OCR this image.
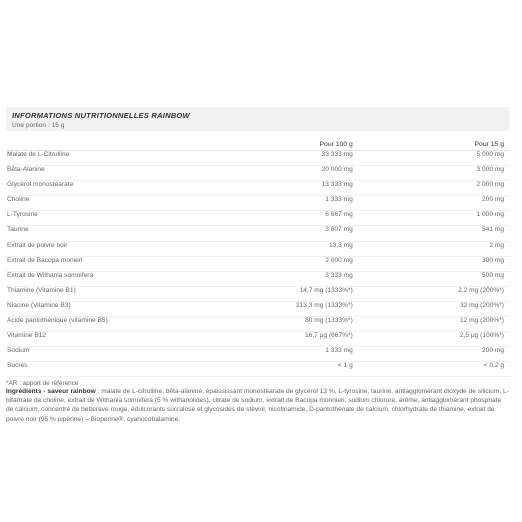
INFORMATIONS NUTRITIONNELLES RAINBOW
Une portion : 15 g
	Pour 100 g	Pour 15 g
Malate de L-Citrulline	33 333 mg	5 000 mg
Bêta-Alanine	20 000 mg	3 000 mg
Glycérol monostéarate	13 333 mg	2 000 mg
Choline	1 333 mg	200 mg
L-Tyrosine	6 667 mg	1 000 mg
Taurine	3 607 mg	541 mg
Extrait de poivre noir	13,3 mg	2 mg
Extrait de Bacopa monieri	2 000 mg	300 mg
Extrait de Withania somnifera	3 333 mg	500 mg
Thiamine (Vitamine B1)	14,7 mg (1333%*)	2,2 mg (200%*)
Niacine (Vitamine B3)	213,3 mg (1333%*)	32 mg (200%*)
Acide pantothénique (vitamine B5)	80 mg (1333%*)	12 mg (200%*)
Vitamine B12	16,7 µg (667%*)	2,5 µg (100%*)
Sodium	1 333 mg	200 mg
Sucres	< 1 g	< 0,2 g
*AR : apport de référence
Ingrédients - saveur rainbow : malate de L-citrulline, bêta-alanine, épaississant monostéarate de glycérol 13 %, L-tyrosine, taurine, antiagglomérant dioxyde de silicium, L-bitartrate de choline, extrait de Withania somnifera (5 % withanolides), citrate de sodium, extrait de Bacopa monnieri, sodium chlorure, arôme, antiagglomérant phosphate de calcium, concentré de betterave rouge, édulcorants sucralose et glycosides de stéviol, nicotinamide, D-pantothénate de calcium, chlorhydrate de thiamine, extrait de poivre noir (95 % pipérine) – Bioperine®, cyanocobalamine.
